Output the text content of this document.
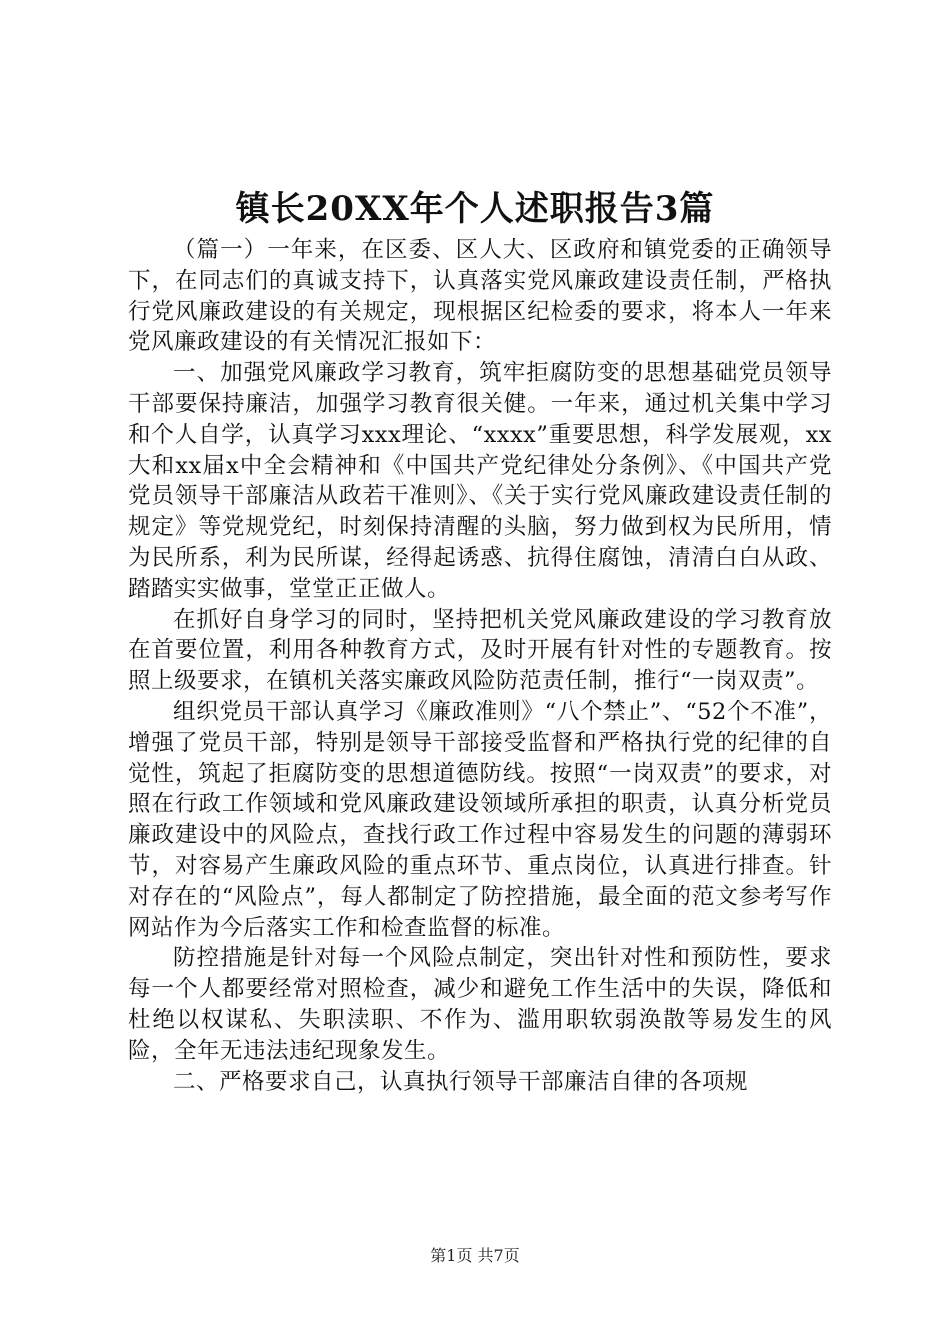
镇长20XX年个人述职报告3篇

（篇一）一年来，在区委、区人大、区政府和镇党委的正确领导下，在同志们的真诚支持下，认真落实党风廉政建设责任制，严格执行党风廉政建设的有关规定，现根据区纪检委的要求，将本人一年来党风廉政建设的有关情况汇报如下：

一、加强党风廉政学习教育，筑牢拒腐防变的思想基础党员领导干部要保持廉洁，加强学习教育很关健。一年来，通过机关集中学习和个人自学，认真学习xxx理论、“xxxx”重要思想，科学发展观，xx大和xx届x中全会精神和《中国共产党纪律处分条例》、《中国共产党党员领导干部廉洁从政若干准则》、《关于实行党风廉政建设责任制的规定》等党规党纪，时刻保持清醒的头脑，努力做到权为民所用，情为民所系，利为民所谋，经得起诱惑、抗得住腐蚀，清清白白从政、踏踏实实做事，堂堂正正做人。

在抓好自身学习的同时，坚持把机关党风廉政建设的学习教育放在首要位置，利用各种教育方式，及时开展有针对性的专题教育。按照上级要求，在镇机关落实廉政风险防范责任制，推行“一岗双责”。

组织党员干部认真学习《廉政准则》“八个禁止”、“52个不准”，增强了党员干部，特别是领导干部接受监督和严格执行党的纪律的自觉性，筑起了拒腐防变的思想道德防线。按照“一岗双责”的要求，对照在行政工作领域和党风廉政建设领域所承担的职责，认真分析党员廉政建设中的风险点，查找行政工作过程中容易发生的问题的薄弱环节，对容易产生廉政风险的重点环节、重点岗位，认真进行排查。针对存在的“风险点”，每人都制定了防控措施，最全面的范文参考写作网站作为今后落实工作和检查监督的标准。

防控措施是针对每一个风险点制定，突出针对性和预防性，要求每一个人都要经常对照检查，减少和避免工作生活中的失误，降低和杜绝以权谋私、失职渎职、不作为、滥用职软弱涣散等易发生的风险，全年无违法违纪现象发生。

二、严格要求自己，认真执行领导干部廉洁自律的各项规

第1页 共7页
